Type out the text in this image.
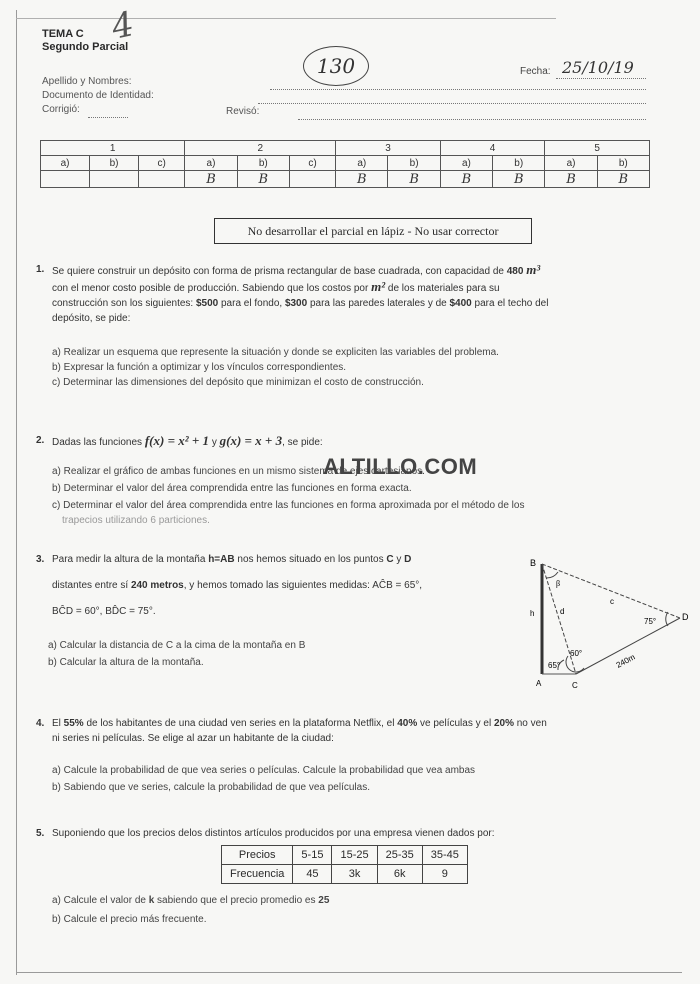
TEMA C
Segundo Parcial
4
130	Fecha: 25/10/19
Apellido y Nombres:
Documento de Identidad:
Corrigió:	Revisó:
1			2			3		4		5	
a)	b)	c)	a)	b)	c)	a)	b)	a)	b)	a)	b)
			B	B		B	B	B	B	B	B
No desarrollar el parcial en lápiz - No usar corrector
1. Se quiere construir un depósito con forma de prisma rectangular de base cuadrada, con capacidad de 480 m³
con el menor costo posible de producción. Sabiendo que los costos por m² de los materiales para su
construcción son los siguientes: $500 para el fondo, $300 para las paredes laterales y de $400 para el techo del
depósito, se pide:
a) Realizar un esquema que represente la situación y donde se expliciten las variables del problema.
b) Expresar la función a optimizar y los vínculos correspondientes.
c) Determinar las dimensiones del depósito que minimizan el costo de construcción.
2. Dadas las funciones f(x) = x² + 1 y g(x) = x + 3, se pide:
a) Realizar el gráfico de ambas funciones en un mismo sistema de ejes cartesianos.
b) Determinar el valor del área comprendida entre las funciones en forma exacta.
c) Determinar el valor del área comprendida entre las funciones en forma aproximada por el método de los
trapecios utilizando 6 particiones.
3. Para medir la altura de la montaña h=AB nos hemos situado en los puntos C y D
distantes entre sí 240 metros, y hemos tomado las siguientes medidas: AĈB = 65°,
BĈD = 60°, BD̂C = 75°.
a) Calcular la distancia de C a la cima de la montaña en B
b) Calcular la altura de la montaña.
B
h	d
c
β
D
75°
65°
60°	240m
A	C
ALTILLO.COM
4. El 55% de los habitantes de una ciudad ven series en la plataforma Netflix, el 40% ve películas y el 20% no ven
ni series ni películas. Se elige al azar un habitante de la ciudad:
a) Calcule la probabilidad de que vea series o películas. Calcule la probabilidad que vea ambas
b) Sabiendo que ve series, calcule la probabilidad de que vea películas.
5. Suponiendo que los precios delos distintos artículos producidos por una empresa vienen dados por:
Precios	5-15	15-25	25-35	35-45
Frecuencia	45	3k	6k	9
a) Calcule el valor de k sabiendo que el precio promedio es 25
b) Calcule el precio más frecuente.
